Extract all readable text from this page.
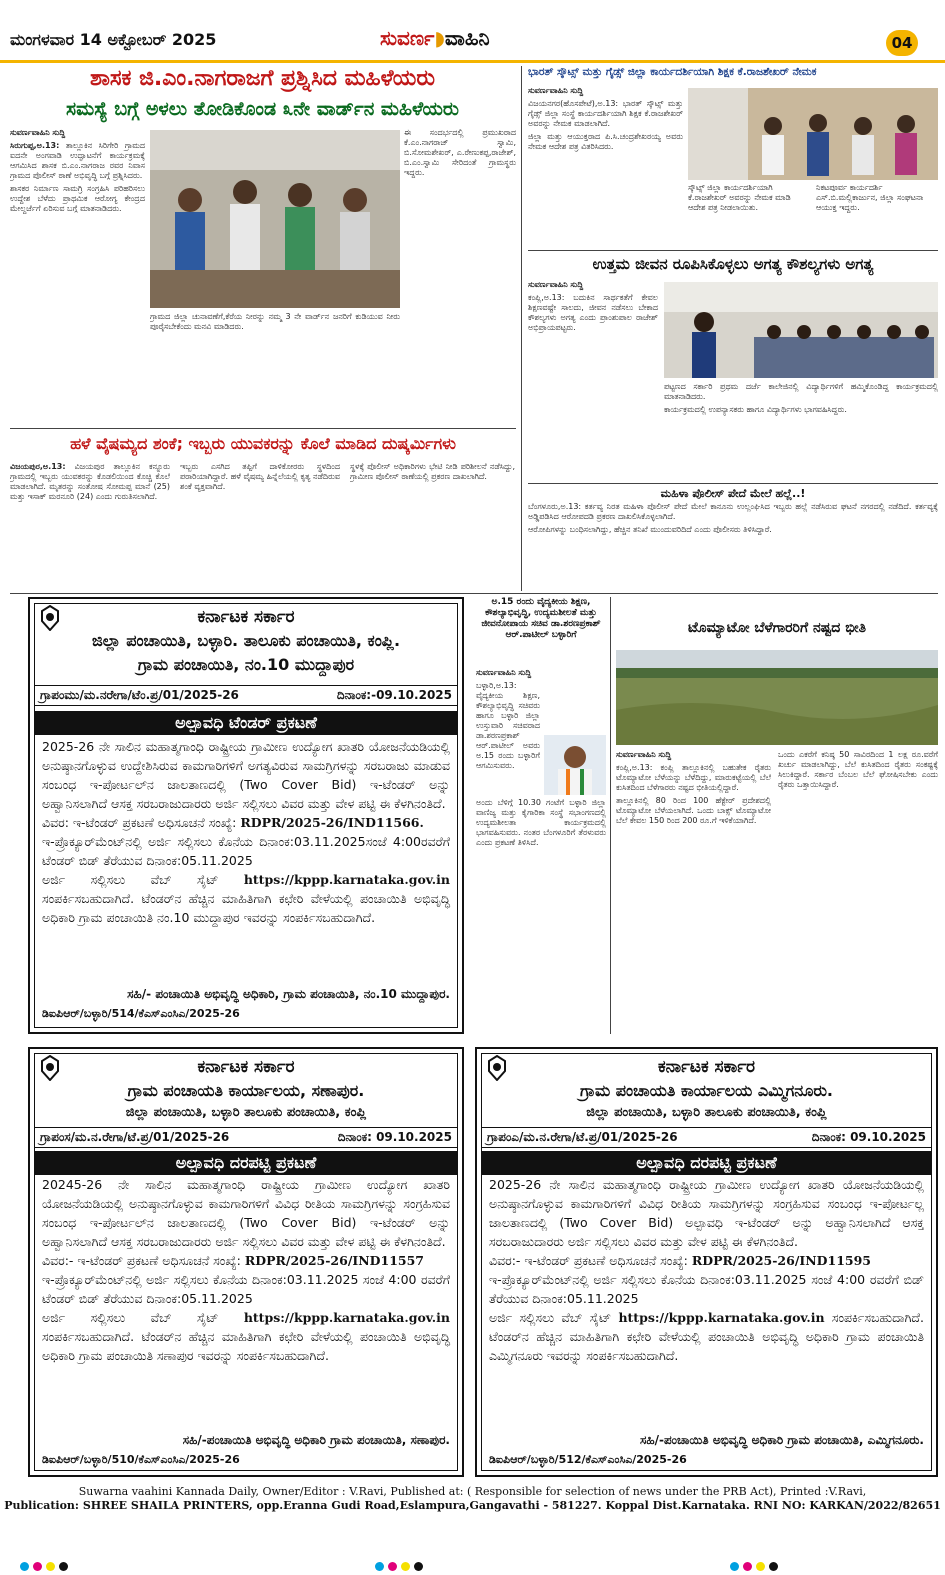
ಮಂಗಳವಾರ 14 ಅಕ್ಟೋಬರ್ 2025	ಸುವರ್ಣ◗ವಾಹಿನಿ	04
ಶಾಸಕ ಜಿ.ಎಂ.ನಾಗರಾಜಗೆ ಪ್ರಶ್ನಿಸಿದ ಮಹಿಳೆಯರು
ಸಮಸ್ಯೆ ಬಗ್ಗೆ ಅಳಲು ತೋಡಿಕೊಂಡ ೩ನೇ ವಾರ್ಡ್‌ನ ಮಹಿಳೆಯರು

ಸುವರ್ಣವಾಹಿನಿ ಸುದ್ದಿ

ಸಿರುಗುಪ್ಪ,ಅ.13: ತಾಲ್ಲೂಕಿನ ಸಿರಿಗೇರಿ ಗ್ರಾಮದ ಐದನೇ ಅಂಗವಾಡಿ ಉದ್ಘಾಟನೆಗೆ ಕಾರ್ಯಕ್ರಮಕ್ಕೆ ಆಗಮಿಸಿದ ಶಾಸಕ ಬಿ.ಎಂ.ನಾಗರಾಜ ರವರ ನಿವಾಸ ಗ್ರಾಮದ ಪೊಲೀಸ್ ಠಾಣೆ ಅಭಿವೃದ್ಧಿ ಬಗ್ಗೆ ಪ್ರಶ್ನಿಸಿದರು.

ಶಾಸಕರ ನಿರ್ಮಾಣ ಸಾಮಗ್ರಿ ಸಂಗ್ರಹಿಸಿ ಪರಿಹರಿಸಲು ಉದ್ದೇಶ ಬೆಳೆದು ಪ್ರಾಥಮಿಕ ಆರೋಗ್ಯ ಕೇಂದ್ರದ ಮೇಲ್ದರ್ಜೆಗೆ ಏರಿಸುವ ಬಗ್ಗೆ ಮಾತನಾಡಿದರು.

ಗ್ರಾಮದ ಜಿಲ್ಲಾ ಚುನಾವಣೆಗೆ,ಕೆರೆಯ ನೀರನ್ನು ನಮ್ಮ 3 ನೇ ವಾರ್ಡ್‌ನ ಜನರಿಗೆ ಕುಡಿಯುವ ನೀರು ಪೂರೈಸಬೇಕೆಂದು ಮನವಿ ಮಾಡಿದರು.

ಈ ಸಂದರ್ಭದಲ್ಲಿ ಪ್ರಮುಖರಾದ ಕೆ.ಎಂ.ನಾಗರಾಜ್ ಸ್ವಾಮಿ, ಬಿ.ಸೋಮಶೇಖರ್, ಎ.ರೇಣುಕಪ್ಪ,ರಾಜೇಶ್, ಬಿ.ಎಂ.ಸ್ವಾಮಿ ಸೇರಿದಂತೆ ಗ್ರಾಮಸ್ಥರು ಇದ್ದರು.

ಹಳೆ ವೈಷಮ್ಯದ ಶಂಕೆ; ಇಬ್ಬರು ಯುವಕರನ್ನು ಕೊಲೆ ಮಾಡಿದ ದುಷ್ಕರ್ಮಿಗಳು

ವಿಜಯಪುರ,ಅ.13: ವಿಜಯಪುರ ತಾಲ್ಲೂಕಿನ ಕನ್ನೂರು ಗ್ರಾಮದಲ್ಲಿ ಇಬ್ಬರು ಯುವಕರನ್ನು ಕೊಡಲಿಯಿಂದ ಕೊಚ್ಚಿ ಕೊಲೆ ಮಾಡಲಾಗಿದೆ. ಮೃತರನ್ನು ಸಂತೋಷ ಸೋಮಪ್ಪ ಮಾನೆ (25) ಮತ್ತು ಇಸಾಕ್ ಮರನೂರಿ (24) ಎಂದು ಗುರುತಿಸಲಾಗಿದೆ.

ಇಬ್ಬರು ಎಸಗಿದ ತಪ್ಪಿಗೆ ದಾಳಿಕೋರರು ಸ್ಥಳದಿಂದ ಪರಾರಿಯಾಗಿದ್ದಾರೆ. ಹಳೆ ವೈಷಮ್ಯ ಹಿನ್ನೆಲೆಯಲ್ಲಿ ಕೃತ್ಯ ನಡೆದಿರುವ ಶಂಕೆ ವ್ಯಕ್ತವಾಗಿದೆ.

ಸ್ಥಳಕ್ಕೆ ಪೊಲೀಸ್ ಅಧಿಕಾರಿಗಳು ಭೇಟಿ ನೀಡಿ ಪರಿಶೀಲನೆ ನಡೆಸಿದ್ದು, ಗ್ರಾಮೀಣ ಪೊಲೀಸ್ ಠಾಣೆಯಲ್ಲಿ ಪ್ರಕರಣ ದಾಖಲಾಗಿದೆ.

ಭಾರತ್ ಸ್ಕೌಟ್ಸ್ ಮತ್ತು ಗೈಡ್ಸ್ ಜಿಲ್ಲಾ ಕಾರ್ಯದರ್ಶಿಯಾಗಿ ಶಿಕ್ಷಕ ಕೆ.ರಾಜಶೇಖರ್ ನೇಮಕ

ಸುವರ್ಣವಾಹಿನಿ ಸುದ್ದಿ

ವಿಜಯನಗರ(ಹೊಸಪೇಟೆ),ಅ.13: ಭಾರತ್ ಸ್ಕೌಟ್ಸ್ ಮತ್ತು ಗೈಡ್ಸ್ ಜಿಲ್ಲಾ ಸಂಸ್ಥೆ ಕಾರ್ಯದರ್ಶಿಯಾಗಿ ಶಿಕ್ಷಕ ಕೆ.ರಾಜಶೇಖರ್ ಅವರನ್ನು ನೇಮಕ ಮಾಡಲಾಗಿದೆ.

ಜಿಲ್ಲಾ ಮತ್ತು ಆಯುಕ್ತರಾದ ಪಿ.ಸಿ.ಚಂದ್ರಶೇಖರಯ್ಯ ಅವರು ನೇಮಕ ಆದೇಶ ಪತ್ರ ವಿತರಿಸಿದರು.

ಸ್ಕೌಟ್ಸ್ ಜಿಲ್ಲಾ ಕಾರ್ಯದರ್ಶಿಯಾಗಿ ಕೆ.ರಾಜಶೇಖರ್ ಅವರನ್ನು ನೇಮಕ ಮಾಡಿ ಆದೇಶ ಪತ್ರ ನೀಡಲಾಯಿತು.
ನಿಕಟಪೂರ್ವ ಕಾರ್ಯದರ್ಶಿ ಎಸ್.ಬಿ.ಮಲ್ಲಿಕಾರ್ಜುನ, ಜಿಲ್ಲಾ ಸಂಘಟನಾ ಆಯುಕ್ತ ಇದ್ದರು.
ಉತ್ತಮ ಜೀವನ ರೂಪಿಸಿಕೊಳ್ಳಲು ಅಗತ್ಯ ಕೌಶಲ್ಯಗಳು ಅಗತ್ಯ

ಸುವರ್ಣವಾಹಿನಿ ಸುದ್ದಿ

ಕಂಪ್ಲಿ,ಅ.13: ಬದುಕಿನ ಸಾರ್ಥಕತೆಗೆ ಕೇವಲ ಶಿಕ್ಷಣವಷ್ಟೇ ಸಾಲದು, ಜೀವನ ನಡೆಸಲು ಬೇಕಾದ ಕೌಶಲ್ಯಗಳು ಅಗತ್ಯ ಎಂದು ಪ್ರಾಂಶುಪಾಲ ರಾಜೇಶ್ ಅಭಿಪ್ರಾಯಪಟ್ಟರು.

ಪಟ್ಟಣದ ಸರ್ಕಾರಿ ಪ್ರಥಮ ದರ್ಜೆ ಕಾಲೇಜಿನಲ್ಲಿ ವಿದ್ಯಾರ್ಥಿಗಳಿಗೆ ಹಮ್ಮಿಕೊಂಡಿದ್ದ ಕಾರ್ಯಕ್ರಮದಲ್ಲಿ ಮಾತನಾಡಿದರು.

ಕಾರ್ಯಕ್ರಮದಲ್ಲಿ ಉಪನ್ಯಾಸಕರು ಹಾಗೂ ವಿದ್ಯಾರ್ಥಿಗಳು ಭಾಗವಹಿಸಿದ್ದರು.

ಮಹಿಳಾ ಪೊಲೀಸ್ ಪೇದೆ ಮೇಲೆ ಹಲ್ಲೆ..!

ಬೆಂಗಳೂರು,ಅ.13: ಕರ್ತವ್ಯ ನಿರತ ಮಹಿಳಾ ಪೊಲೀಸ್ ಪೇದೆ ಮೇಲೆ ಕಾನೂನು ಉಲ್ಲಂಘಿಸಿದ ಇಬ್ಬರು ಹಲ್ಲೆ ನಡೆಸಿರುವ ಘಟನೆ ನಗರದಲ್ಲಿ ನಡೆದಿದೆ. ಕರ್ತವ್ಯಕ್ಕೆ ಅಡ್ಡಿಪಡಿಸಿದ ಆರೋಪದಡಿ ಪ್ರಕರಣ ದಾಖಲಿಸಿಕೊಳ್ಳಲಾಗಿದೆ.

ಆರೋಪಿಗಳನ್ನು ಬಂಧಿಸಲಾಗಿದ್ದು, ಹೆಚ್ಚಿನ ತನಿಖೆ ಮುಂದುವರಿದಿದೆ ಎಂದು ಪೊಲೀಸರು ತಿಳಿಸಿದ್ದಾರೆ.

ಕರ್ನಾಟಕ ಸರ್ಕಾರ
ಜಿಲ್ಲಾ ಪಂಚಾಯಿತಿ, ಬಳ್ಳಾರಿ. ತಾಲೂಕು ಪಂಚಾಯಿತಿ, ಕಂಪ್ಲಿ.
ಗ್ರಾಮ ಪಂಚಾಯಿತಿ, ನಂ.10 ಮುದ್ದಾಪುರ
ಗ್ರಾಪಂಮು/ಮ.ನರೇಗಾ/ಟೆಂ.ಪ್ರ/01/2025-26	ದಿನಾಂಕ:-09.10.2025
ಅಲ್ಪಾವಧಿ ಟೆಂಡರ್ ಪ್ರಕಟಣೆ

2025-26 ನೇ ಸಾಲಿನ ಮಹಾತ್ಮಗಾಂಧಿ ರಾಷ್ಟ್ರೀಯ ಗ್ರಾಮೀಣ ಉದ್ಯೋಗ ಖಾತರಿ ಯೋಜನೆಯಡಿಯಲ್ಲಿ ಅನುಷ್ಠಾನಗೊಳ್ಳುವ ಉದ್ದೇಶಿಸಿರುವ ಕಾಮಗಾರಿಗಳಿಗೆ ಅಗತ್ಯವಿರುವ ಸಾಮಗ್ರಿಗಳನ್ನು ಸರಬರಾಜು ಮಾಡುವ ಸಂಬಂಧ ಇ-ಪೋರ್ಟಲ್‌ನ ಜಾಲತಾಣದಲ್ಲಿ (Two Cover Bid) ಇ-ಟೆಂಡರ್ ಅನ್ನು ಅಹ್ವಾನಿಸಲಾಗಿದೆ ಆಸಕ್ತ ಸರಬರಾಜುದಾರರು ಅರ್ಜಿ ಸಲ್ಲಿಸಲು ವಿವರ ಮತ್ತು ವೇಳ ಪಟ್ಟಿ ಈ ಕೆಳಗಿನಂತಿದೆ.

ವಿವರ: ಇ-ಟೆಂಡರ್ ಪ್ರಕಟಣೆ ಅಧಿಸೂಚನೆ ಸಂಖ್ಯೆ: RDPR/2025-26/IND11566.

ಇ-ಪ್ರೊಕ್ಯೂರ್‌ಮೆಂಟ್‌ನಲ್ಲಿ ಅರ್ಜಿ ಸಲ್ಲಿಸಲು ಕೊನೆಯ ದಿನಾಂಕ:03.11.2025ಸಂಜೆ 4:00ರವರೆಗೆ ಟೆಂಡರ್ ಬಿಡ್ ತೆರೆಯುವ ದಿನಾಂಕ:05.11.2025

ಅರ್ಜಿ ಸಲ್ಲಿಸಲು ವೆಬ್ ಸೈಟ್ https://kppp.karnataka.gov.in ಸಂಪರ್ಕಿಸಬಹುದಾಗಿದೆ. ಟೆಂಡರ್‌ನ ಹೆಚ್ಚಿನ ಮಾಹಿತಿಗಾಗಿ ಕಛೇರಿ ವೇಳೆಯಲ್ಲಿ ಪಂಚಾಯಿತಿ ಅಭಿವೃದ್ಧಿ ಅಧಿಕಾರಿ ಗ್ರಾಮ ಪಂಚಾಯಿತಿ ನಂ.10 ಮುದ್ದಾಪುರ ಇವರನ್ನು ಸಂಪರ್ಕಿಸಬಹುದಾಗಿದೆ.

ಸಹಿ/- ಪಂಚಾಯಿತಿ ಅಭಿವೃದ್ಧಿ ಅಧಿಕಾರಿ, ಗ್ರಾಮ ಪಂಚಾಯಿತಿ, ನಂ.10 ಮುದ್ದಾಪುರ.
ಡಿಐಪಿಆರ್/ಬಳ್ಳಾರಿ/514/ಕೆಎಸ್ಎಂಸಿಎ/2025-26
ಅ.15 ರಂದು ವೈದ್ಯಕೀಯ ಶಿಕ್ಷಣ, ಕೌಶಲ್ಯಾಭಿವೃದ್ಧಿ, ಉದ್ಯಮಶೀಲತೆ ಮತ್ತು ಜೀವನೋಪಾಯ ಸಚಿವ ಡಾ.ಶರಣಪ್ರಕಾಶ್ ಆರ್.ಪಾಟೀಲ್ ಬಳ್ಳಾರಿಗೆ

ಸುವರ್ಣವಾಹಿನಿ ಸುದ್ದಿ

ಬಳ್ಳಾರಿ,ಅ.13: ವೈದ್ಯಕೀಯ ಶಿಕ್ಷಣ, ಕೌಶಲ್ಯಾಭಿವೃದ್ಧಿ ಸಚಿವರು ಹಾಗೂ ಬಳ್ಳಾರಿ ಜಿಲ್ಲಾ ಉಸ್ತುವಾರಿ ಸಚಿವರಾದ ಡಾ.ಶರಣಪ್ರಕಾಶ್ ಆರ್.ಪಾಟೀಲ್ ಅವರು ಅ.15 ರಂದು ಬಳ್ಳಾರಿಗೆ ಆಗಮಿಸುವರು.

ಅಂದು ಬೆಳಿಗ್ಗೆ 10.30 ಗಂಟೆಗೆ ಬಳ್ಳಾರಿ ಜಿಲ್ಲಾ ವಾಣಿಜ್ಯ ಮತ್ತು ಕೈಗಾರಿಕಾ ಸಂಸ್ಥೆ ಸಭಾಂಗಣದಲ್ಲಿ ಉದ್ಯಮಶೀಲತಾ ಕಾರ್ಯಕ್ರಮದಲ್ಲಿ ಭಾಗವಹಿಸುವರು. ನಂತರ ಬೆಂಗಳೂರಿಗೆ ತೆರಳುವರು ಎಂದು ಪ್ರಕಟಣೆ ತಿಳಿಸಿದೆ.

ಟೊಮ್ಯಾಟೋ ಬೆಳೆಗಾರರಿಗೆ ನಷ್ಟದ ಭೀತಿ

ಸುವರ್ಣವಾಹಿನಿ ಸುದ್ದಿ

ಕಂಪ್ಲಿ,ಅ.13: ಕಂಪ್ಲಿ ತಾಲ್ಲೂಕಿನಲ್ಲಿ ಬಹುತೇಕ ರೈತರು ಟೊಮ್ಯಾಟೋ ಬೆಳೆಯನ್ನು ಬೆಳೆದಿದ್ದು, ಮಾರುಕಟ್ಟೆಯಲ್ಲಿ ಬೆಲೆ ಕುಸಿತದಿಂದ ಬೆಳೆಗಾರರು ನಷ್ಟದ ಭೀತಿಯಲ್ಲಿದ್ದಾರೆ.

ತಾಲ್ಲೂಕಿನಲ್ಲಿ 80 ರಿಂದ 100 ಹೆಕ್ಟೇರ್ ಪ್ರದೇಶದಲ್ಲಿ ಟೊಮ್ಯಾಟೋ ಬೆಳೆಯಲಾಗಿದೆ. ಒಂದು ಬಾಕ್ಸ್ ಟೊಮ್ಯಾಟೋ ಬೆಲೆ ಕೇವಲ 150 ರಿಂದ 200 ರೂ.ಗೆ ಇಳಿಕೆಯಾಗಿದೆ.

ಒಂದು ಎಕರೆಗೆ ಕನಿಷ್ಠ 50 ಸಾವಿರದಿಂದ 1 ಲಕ್ಷ ರೂ.ವರೆಗೆ ಖರ್ಚು ಮಾಡಲಾಗಿದ್ದು, ಬೆಲೆ ಕುಸಿತದಿಂದ ರೈತರು ಸಂಕಷ್ಟಕ್ಕೆ ಸಿಲುಕಿದ್ದಾರೆ. ಸರ್ಕಾರ ಬೆಂಬಲ ಬೆಲೆ ಘೋಷಿಸಬೇಕು ಎಂದು ರೈತರು ಒತ್ತಾಯಿಸಿದ್ದಾರೆ.

ಕರ್ನಾಟಕ ಸರ್ಕಾರ
ಗ್ರಾಮ ಪಂಚಾಯತಿ ಕಾರ್ಯಾಲಯ, ಸಣಾಪುರ.
ಜಿಲ್ಲಾ ಪಂಚಾಯಿತಿ, ಬಳ್ಳಾರಿ ತಾಲೂಕು ಪಂಚಾಯಿತಿ, ಕಂಪ್ಲಿ
ಗ್ರಾಪಂಸ/ಮ.ನ.ರೇಗಾ/ಟೆ.ಪ್ರ/01/2025-26	ದಿನಾಂಕ: 09.10.2025
ಅಲ್ಪಾವಧಿ ದರಪಟ್ಟಿ ಪ್ರಕಟಣೆ

20245-26 ನೇ ಸಾಲಿನ ಮಹಾತ್ಮಗಾಂಧಿ ರಾಷ್ಟ್ರೀಯ ಗ್ರಾಮೀಣ ಉದ್ಯೋಗ ಖಾತರಿ ಯೋಜನೆಯಡಿಯಲ್ಲಿ ಅನುಷ್ಠಾನಗೊಳ್ಳುವ ಕಾಮಗಾರಿಗಳಿಗೆ ವಿವಿಧ ರೀತಿಯ ಸಾಮಗ್ರಿಗಳನ್ನು ಸಂಗ್ರಹಿಸುವ ಸಂಬಂಧ ಇ-ಪೋರ್ಟಲ್‌ನ ಜಾಲತಾಣದಲ್ಲಿ (Two Cover Bid) ಇ-ಟೆಂಡರ್ ಅನ್ನು ಅಹ್ವಾನಿಸಲಾಗಿದೆ ಆಸಕ್ತ ಸರಬರಾಜುದಾರರು ಅರ್ಜಿ ಸಲ್ಲಿಸಲು ವಿವರ ಮತ್ತು ವೇಳ ಪಟ್ಟಿ ಈ ಕೆಳಗಿನಂತಿದೆ.

ವಿವರ:- ಇ-ಟೆಂಡರ್ ಪ್ರಕಟಣೆ ಅಧಿಸೂಚನೆ ಸಂಖ್ಯೆ: RDPR/2025-26/IND11557

ಇ-ಪ್ರೊಕ್ಯೂರ್‌ಮೆಂಟ್‌ನಲ್ಲಿ ಅರ್ಜಿ ಸಲ್ಲಿಸಲು ಕೊನೆಯ ದಿನಾಂಕ:03.11.2025 ಸಂಜೆ 4:00 ರವರೆಗೆ ಟೆಂಡರ್ ಬಿಡ್ ತೆರೆಯುವ ದಿನಾಂಕ:05.11.2025

ಅರ್ಜಿ ಸಲ್ಲಿಸಲು ವೆಬ್ ಸೈಟ್ https://kppp.karnataka.gov.in ಸಂಪರ್ಕಿಸಬಹುದಾಗಿದೆ. ಟೆಂಡರ್‌ನ ಹೆಚ್ಚಿನ ಮಾಹಿತಿಗಾಗಿ ಕಛೇರಿ ವೇಳೆಯಲ್ಲಿ ಪಂಚಾಯಿತಿ ಅಭಿವೃದ್ಧಿ ಅಧಿಕಾರಿ ಗ್ರಾಮ ಪಂಚಾಯಿತಿ ಸಣಾಪುರ ಇವರನ್ನು ಸಂಪರ್ಕಿಸಬಹುದಾಗಿದೆ.

ಸಹಿ/-ಪಂಚಾಯಿತಿ ಅಭಿವೃದ್ಧಿ ಅಧಿಕಾರಿ ಗ್ರಾಮ ಪಂಚಾಯಿತಿ, ಸಣಾಪುರ.
ಡಿಐಪಿಆರ್/ಬಳ್ಳಾರಿ/510/ಕೆಎಸ್ಎಂಸಿಎ/2025-26
ಕರ್ನಾಟಕ ಸರ್ಕಾರ
ಗ್ರಾಮ ಪಂಚಾಯತಿ ಕಾರ್ಯಾಲಯ ಎಮ್ಮಿಗನೂರು.
ಜಿಲ್ಲಾ ಪಂಚಾಯಿತಿ, ಬಳ್ಳಾರಿ ತಾಲೂಕು ಪಂಚಾಯಿತಿ, ಕಂಪ್ಲಿ
ಗ್ರಾಪಂಎ/ಮ.ನ.ರೇಗಾ/ಟೆ.ಪ್ರ/01/2025-26	ದಿನಾಂಕ: 09.10.2025
ಅಲ್ಪಾವಧಿ ದರಪಟ್ಟಿ ಪ್ರಕಟಣೆ

2025-26 ನೇ ಸಾಲಿನ ಮಹಾತ್ಮಗಾಂಧಿ ರಾಷ್ಟ್ರೀಯ ಗ್ರಾಮೀಣ ಉದ್ಯೋಗ ಖಾತರಿ ಯೋಜನೆಯಡಿಯಲ್ಲಿ ಅನುಷ್ಠಾನಗೊಳ್ಳುವ ಕಾಮಗಾರಿಗಳಿಗೆ ವಿವಿಧ ರೀತಿಯ ಸಾಮಗ್ರಿಗಳನ್ನು ಸಂಗ್ರಹಿಸುವ ಸಂಬಂಧ ಇ-ಪೋರ್ಟಲ್ಲ ಜಾಲತಾಣದಲ್ಲಿ (Two Cover Bid) ಅಲ್ಪಾವಧಿ ಇ-ಟೆಂಡರ್ ಅನ್ನು ಅಹ್ವಾನಿಸಲಾಗಿದೆ ಆಸಕ್ತ ಸರಬರಾಜುದಾರರು ಅರ್ಜಿ ಸಲ್ಲಿಸಲು ವಿವರ ಮತ್ತು ವೇಳ ಪಟ್ಟಿ ಈ ಕೆಳಗಿನಂತಿದೆ.

ವಿವರ:- ಇ-ಟೆಂಡರ್ ಪ್ರಕಟಣೆ ಅಧಿಸೂಚನೆ ಸಂಖ್ಯೆ: RDPR/2025-26/IND11595

ಇ-ಪ್ರೊಕ್ಯೂರ್‌ಮೆಂಟ್‌ನಲ್ಲಿ ಅರ್ಜಿ ಸಲ್ಲಿಸಲು ಕೊನೆಯ ದಿನಾಂಕ:03.11.2025 ಸಂಜೆ 4:00 ರವರೆಗೆ ಬಿಡ್ ತೆರೆಯುವ ದಿನಾಂಕ:05.11.2025

ಅರ್ಜಿ ಸಲ್ಲಿಸಲು ವೆಬ್ ಸೈಟ್ https://kppp.karnataka.gov.in ಸಂಪರ್ಕಿಸಬಹುದಾಗಿದೆ. ಟೆಂಡರ್‌ನ ಹೆಚ್ಚಿನ ಮಾಹಿತಿಗಾಗಿ ಕಛೇರಿ ವೇಳೆಯಲ್ಲಿ ಪಂಚಾಯಿತಿ ಅಭಿವೃದ್ಧಿ ಅಧಿಕಾರಿ ಗ್ರಾಮ ಪಂಚಾಯಿತಿ ಎಮ್ಮಿಗನೂರು ಇವರನ್ನು ಸಂಪರ್ಕಿಸಬಹುದಾಗಿದೆ.

ಸಹಿ/-ಪಂಚಾಯಿತಿ ಅಭಿವೃದ್ಧಿ ಅಧಿಕಾರಿ ಗ್ರಾಮ ಪಂಚಾಯಿತಿ, ಎಮ್ಮಿಗನೂರು.
ಡಿಐಪಿಆರ್/ಬಳ್ಳಾರಿ/512/ಕೆಎಸ್ಎಂಸಿಎ/2025-26
Suwarna vaahini Kannada Daily, Owner/Editor : V.Ravi, Published at: ( Responsible for selection of news under the PRB Act), Printed :V.Ravi,
Publication: SHREE SHAILA PRINTERS, opp.Eranna Gudi Road,Eslampura,Gangavathi - 581227. Koppal Dist.Karnataka. RNI NO: KARKAN/2022/82651
